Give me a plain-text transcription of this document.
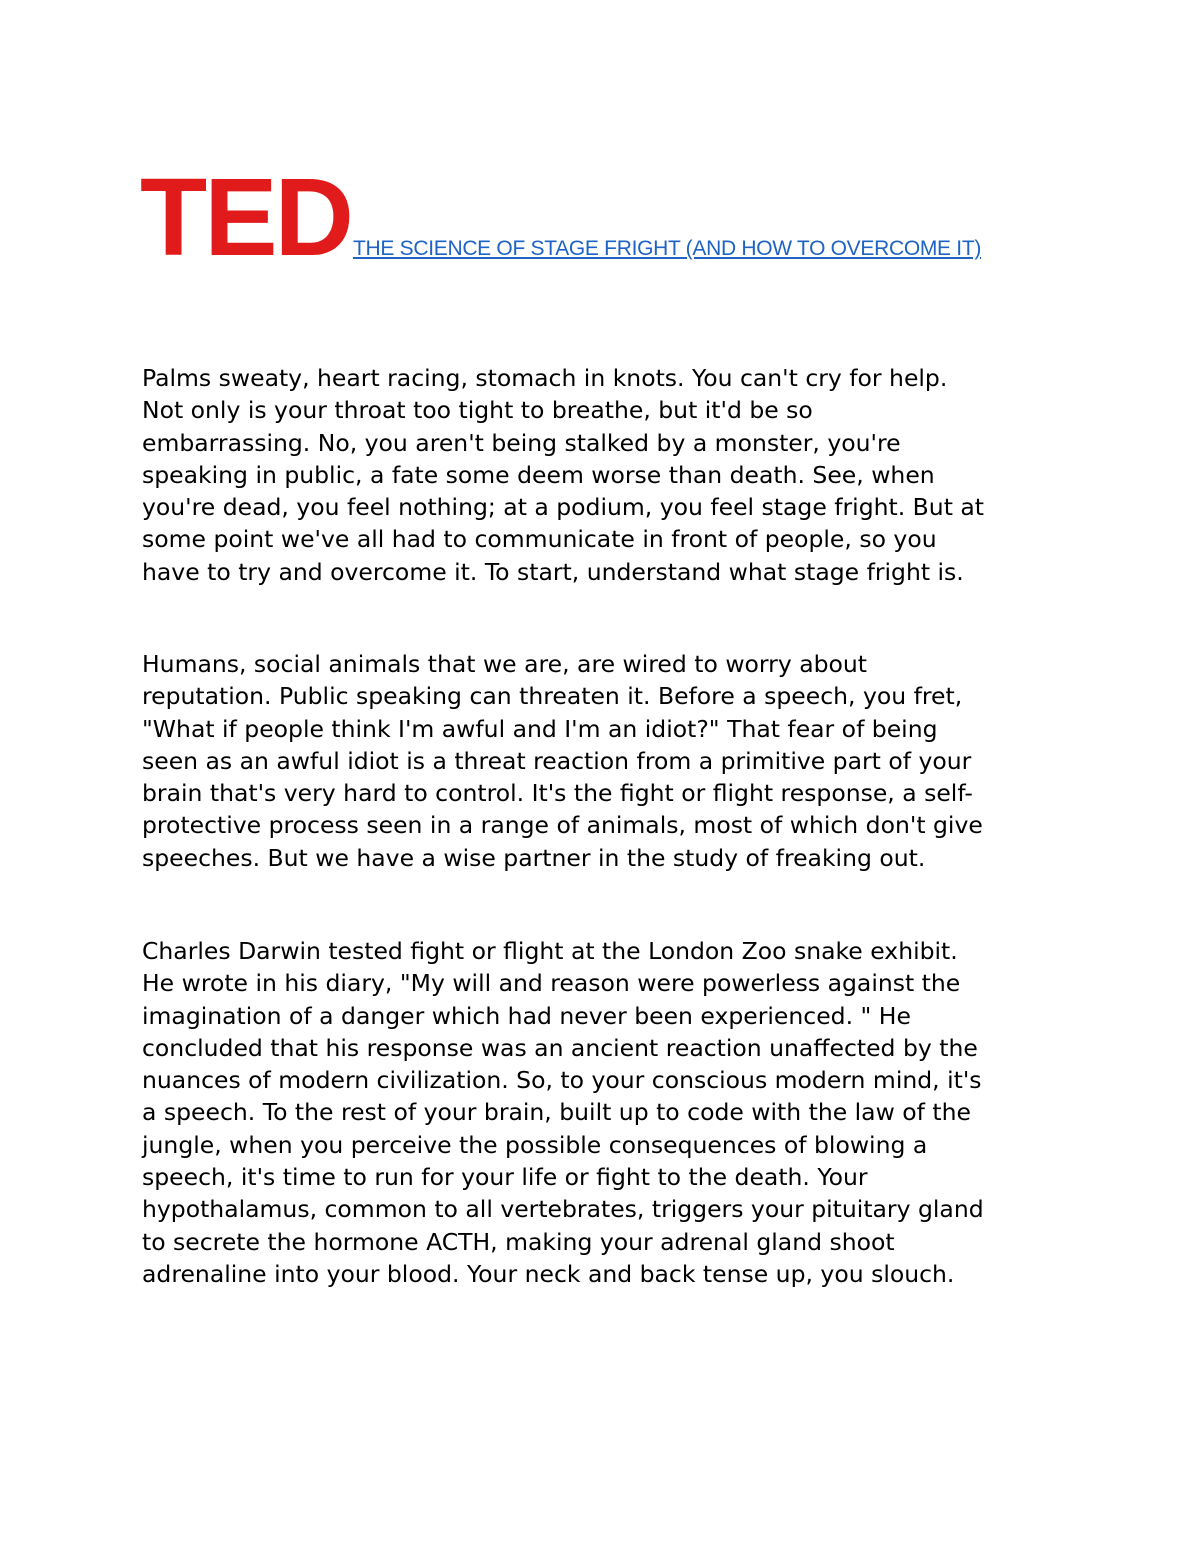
TEDTHE SCIENCE OF STAGE FRIGHT (AND HOW TO OVERCOME IT)

Palms sweaty, heart racing, stomach in knots. You can't cry for help.
Not only is your throat too tight to breathe, but it'd be so
embarrassing. No, you aren't being stalked by a monster, you're
speaking in public, a fate some deem worse than death. See, when
you're dead, you feel nothing; at a podium, you feel stage fright. But at
some point we've all had to communicate in front of people, so you
have to try and overcome it. To start, understand what stage fright is.

Humans, social animals that we are, are wired to worry about
reputation. Public speaking can threaten it. Before a speech, you fret,
"What if people think I'm awful and I'm an idiot?" That fear of being
seen as an awful idiot is a threat reaction from a primitive part of your
brain that's very hard to control. It's the fight or flight response, a self-
protective process seen in a range of animals, most of which don't give
speeches. But we have a wise partner in the study of freaking out.

Charles Darwin tested fight or flight at the London Zoo snake exhibit.
He wrote in his diary, "My will and reason were powerless against the
imagination of a danger which had never been experienced. " He
concluded that his response was an ancient reaction unaffected by the
nuances of modern civilization. So, to your conscious modern mind, it's
a speech. To the rest of your brain, built up to code with the law of the
jungle, when you perceive the possible consequences of blowing a
speech, it's time to run for your life or fight to the death. Your
hypothalamus, common to all vertebrates, triggers your pituitary gland
to secrete the hormone ACTH, making your adrenal gland shoot
adrenaline into your blood. Your neck and back tense up, you slouch.
